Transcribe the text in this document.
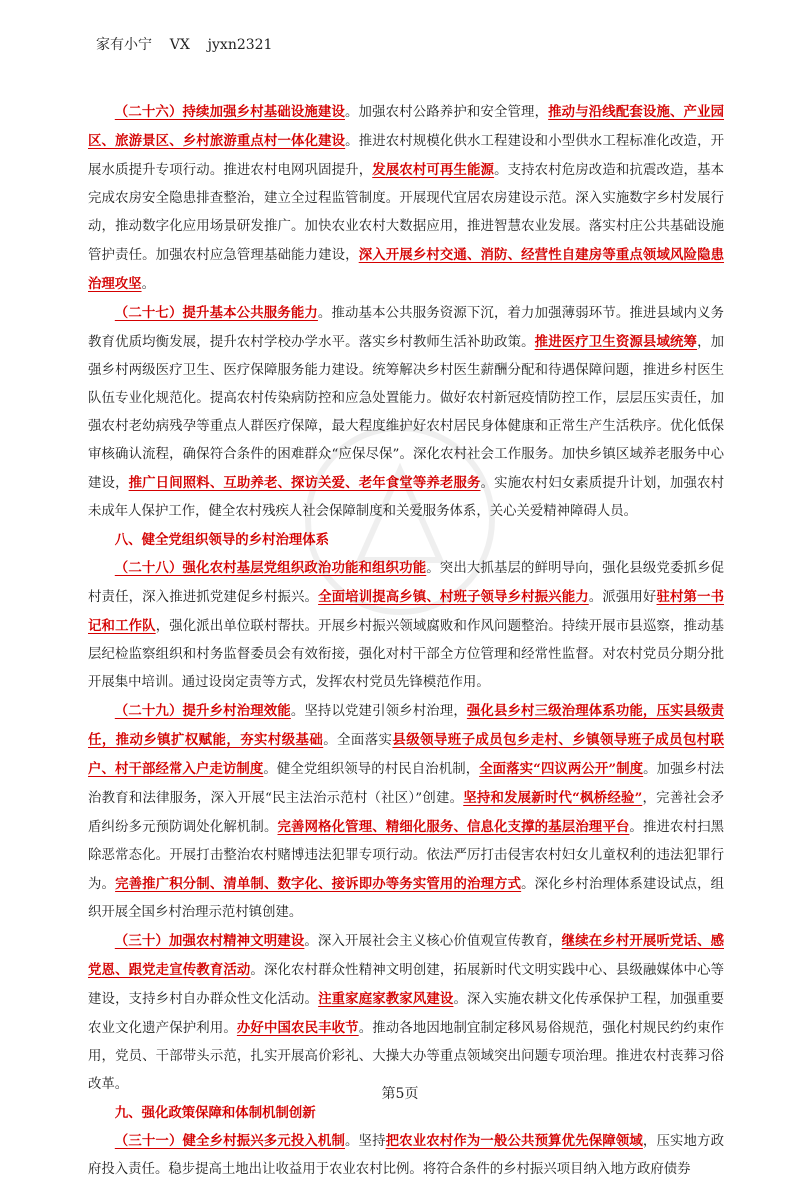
家有小宁    VX    jyxn2321

（二十六）持续加强乡村基础设施建设。加强农村公路养护和安全管理，推动与沿线配套设施、产业园区、旅游景区、乡村旅游重点村一体化建设。推进农村规模化供水工程建设和小型供水工程标准化改造，开展水质提升专项行动。推进农村电网巩固提升，发展农村可再生能源。支持农村危房改造和抗震改造，基本完成农房安全隐患排查整治，建立全过程监管制度。开展现代宜居农房建设示范。深入实施数字乡村发展行动，推动数字化应用场景研发推广。加快农业农村大数据应用，推进智慧农业发展。落实村庄公共基础设施管护责任。加强农村应急管理基础能力建设，深入开展乡村交通、消防、经营性自建房等重点领域风险隐患治理攻坚。

（二十七）提升基本公共服务能力。推动基本公共服务资源下沉，着力加强薄弱环节。推进县域内义务教育优质均衡发展，提升农村学校办学水平。落实乡村教师生活补助政策。推进医疗卫生资源县域统筹，加强乡村两级医疗卫生、医疗保障服务能力建设。统筹解决乡村医生薪酬分配和待遇保障问题，推进乡村医生队伍专业化规范化。提高农村传染病防控和应急处置能力。做好农村新冠疫情防控工作，层层压实责任，加强农村老幼病残孕等重点人群医疗保障，最大程度维护好农村居民身体健康和正常生产生活秩序。优化低保审核确认流程，确保符合条件的困难群众“应保尽保”。深化农村社会工作服务。加快乡镇区域养老服务中心建设，推广日间照料、互助养老、探访关爱、老年食堂等养老服务。实施农村妇女素质提升计划，加强农村未成年人保护工作，健全农村残疾人社会保障制度和关爱服务体系，关心关爱精神障碍人员。

八、健全党组织领导的乡村治理体系

（二十八）强化农村基层党组织政治功能和组织功能。突出大抓基层的鲜明导向，强化县级党委抓乡促村责任，深入推进抓党建促乡村振兴。全面培训提高乡镇、村班子领导乡村振兴能力。派强用好驻村第一书记和工作队，强化派出单位联村帮扶。开展乡村振兴领域腐败和作风问题整治。持续开展市县巡察，推动基层纪检监察组织和村务监督委员会有效衔接，强化对村干部全方位管理和经常性监督。对农村党员分期分批开展集中培训。通过设岗定责等方式，发挥农村党员先锋模范作用。

（二十九）提升乡村治理效能。坚持以党建引领乡村治理，强化县乡村三级治理体系功能，压实县级责任，推动乡镇扩权赋能，夯实村级基础。全面落实县级领导班子成员包乡走村、乡镇领导班子成员包村联户、村干部经常入户走访制度。健全党组织领导的村民自治机制，全面落实“四议两公开”制度。加强乡村法治教育和法律服务，深入开展“民主法治示范村（社区）”创建。坚持和发展新时代“枫桥经验”，完善社会矛盾纠纷多元预防调处化解机制。完善网格化管理、精细化服务、信息化支撑的基层治理平台。推进农村扫黑除恶常态化。开展打击整治农村赌博违法犯罪专项行动。依法严厉打击侵害农村妇女儿童权利的违法犯罪行为。完善推广积分制、清单制、数字化、接诉即办等务实管用的治理方式。深化乡村治理体系建设试点，组织开展全国乡村治理示范村镇创建。

（三十）加强农村精神文明建设。深入开展社会主义核心价值观宣传教育，继续在乡村开展听党话、感党恩、跟党走宣传教育活动。深化农村群众性精神文明创建，拓展新时代文明实践中心、县级融媒体中心等建设，支持乡村自办群众性文化活动。注重家庭家教家风建设。深入实施农耕文化传承保护工程，加强重要农业文化遗产保护利用。办好中国农民丰收节。推动各地因地制宜制定移风易俗规范，强化村规民约约束作用，党员、干部带头示范，扎实开展高价彩礼、大操大办等重点领域突出问题专项治理。推进农村丧葬习俗改革。

九、强化政策保障和体制机制创新

（三十一）健全乡村振兴多元投入机制。坚持把农业农村作为一般公共预算优先保障领域，压实地方政府投入责任。稳步提高土地出让收益用于农业农村比例。将符合条件的乡村振兴项目纳入地方政府债券

第5页
